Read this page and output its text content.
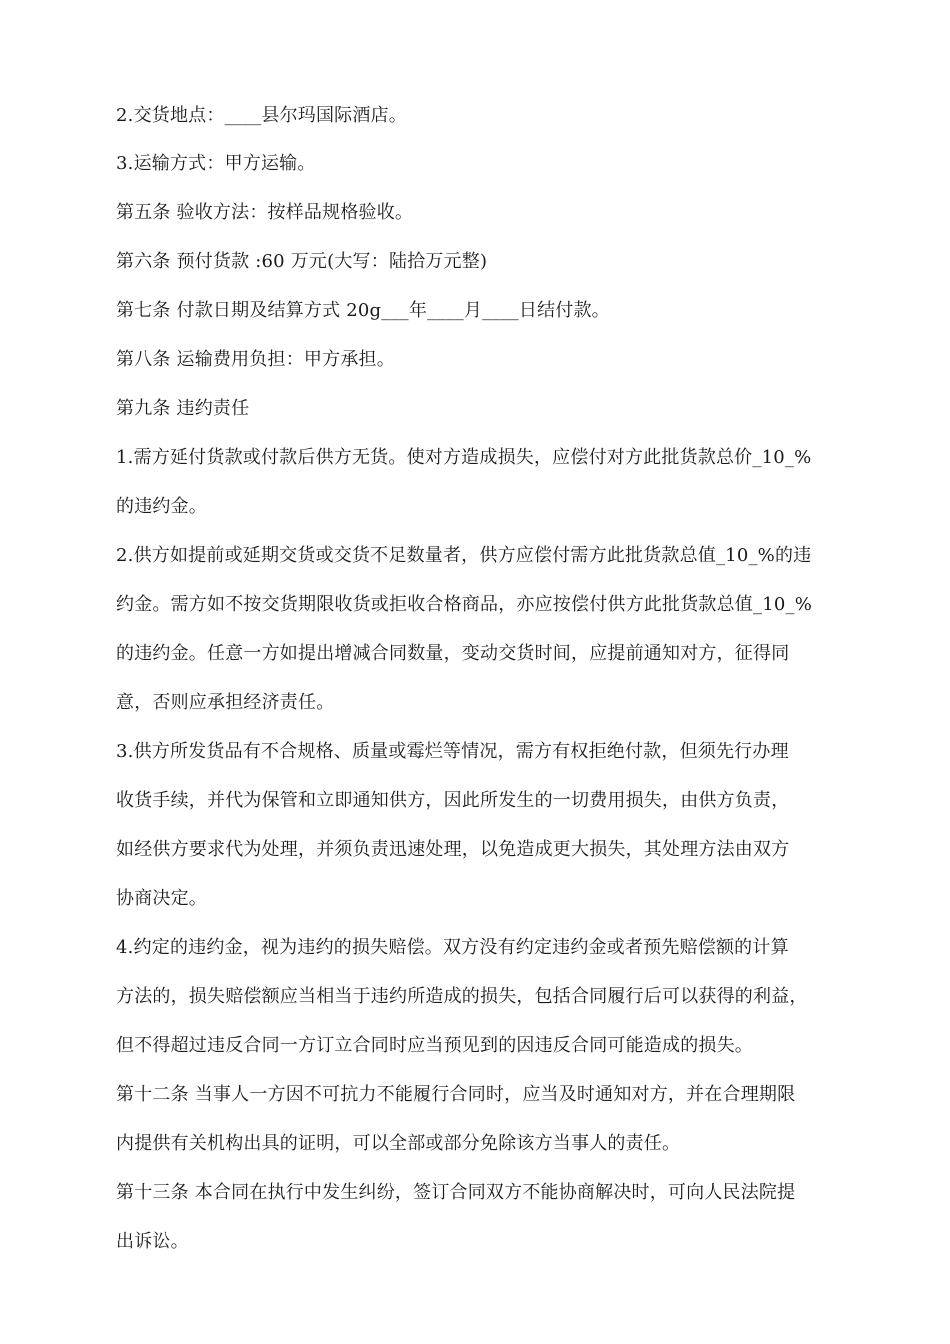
2.交货地点：____县尔玛国际酒店。
3.运输方式：甲方运输。
第五条 验收方法：按样品规格验收。
第六条 预付货款 :60 万元(大写：陆拾万元整)
第七条 付款日期及结算方式 20g___年____月____日结付款。
第八条 运输费用负担：甲方承担。
第九条 违约责任
1.需方延付货款或付款后供方无货。使对方造成损失，应偿付对方此批货款总价_10_%
的违约金。
2.供方如提前或延期交货或交货不足数量者，供方应偿付需方此批货款总值_10_%的违
约金。需方如不按交货期限收货或拒收合格商品，亦应按偿付供方此批货款总值_10_%
的违约金。任意一方如提出增减合同数量，变动交货时间，应提前通知对方，征得同
意，否则应承担经济责任。
3.供方所发货品有不合规格、质量或霉烂等情况，需方有权拒绝付款，但须先行办理
收货手续，并代为保管和立即通知供方，因此所发生的一切费用损失，由供方负责，
如经供方要求代为处理，并须负责迅速处理，以免造成更大损失，其处理方法由双方
协商决定。
4.约定的违约金，视为违约的损失赔偿。双方没有约定违约金或者预先赔偿额的计算
方法的，损失赔偿额应当相当于违约所造成的损失，包括合同履行后可以获得的利益，
但不得超过违反合同一方订立合同时应当预见到的因违反合同可能造成的损失。
第十二条 当事人一方因不可抗力不能履行合同时，应当及时通知对方，并在合理期限
内提供有关机构出具的证明，可以全部或部分免除该方当事人的责任。
第十三条 本合同在执行中发生纠纷，签订合同双方不能协商解决时，可向人民法院提
出诉讼。
